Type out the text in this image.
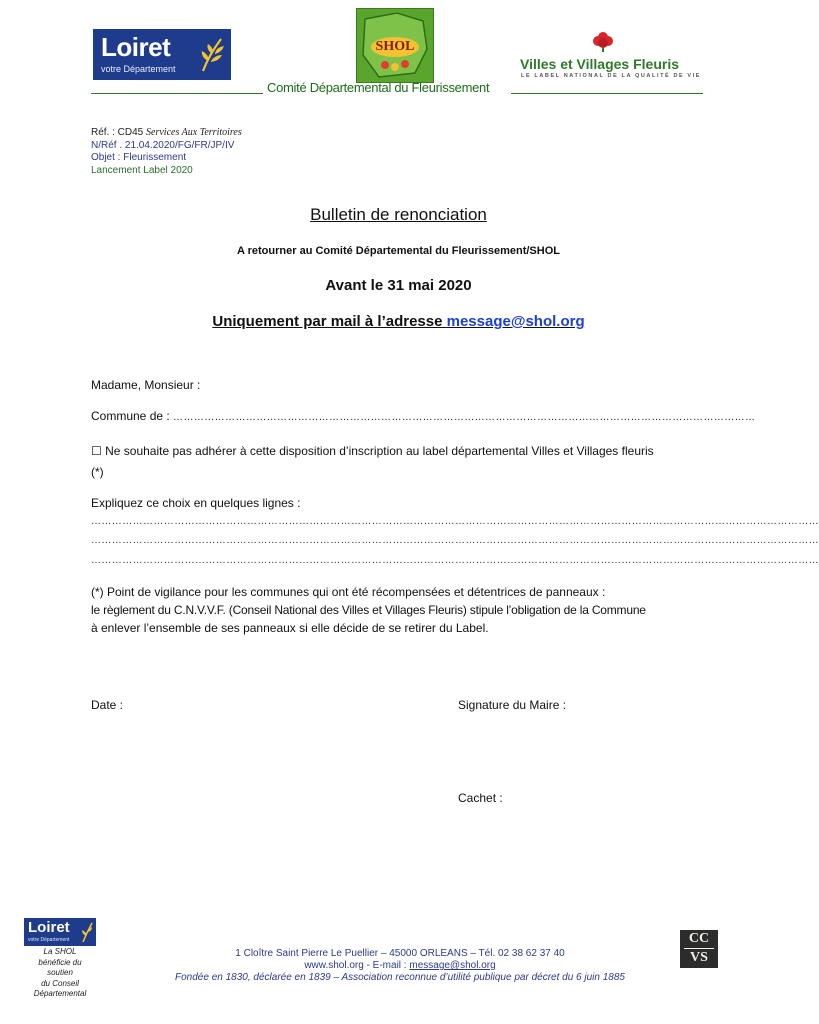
Loiret
votre Département
SHOL
Villes et Villages Fleuris
LE LABEL NATIONAL DE LA QUALITÉ DE VIE
Comité Départemental du Fleurissement
Réf. : CD45 Services Aux Territoires
N/Réf . 21.04.2020/FG/FR/JP/IV
Objet : Fleurissement
Lancement Label 2020
Bulletin de renonciation
A retourner au Comité Départemental du Fleurissement/SHOL
Avant le 31 mai 2020
Uniquement par mail à l’adresse message@shol.org
Madame, Monsieur :
Commune de : ……………………………………………………………………………………………………………………………………………………
☐ Ne souhaite pas adhérer à cette disposition d’inscription au label départemental Villes et Villages fleuris
(*)
Expliquez ce choix en quelques lignes :
…………………………………………………………………………………………………………………………………………………………………………………………
…………………………………………………………………………………………………………………………………………………………………………………………
…………………………………………………………………………………………………………………………………………………………………………………………
(*) Point de vigilance pour les communes qui ont été récompensées et détentrices de panneaux :
le règlement du C.N.V.V.F. (Conseil National des Villes et Villages Fleuris) stipule l’obligation de la Commune
à enlever l’ensemble de ses panneaux si elle décide de se retirer du Label.
Date :	Signature du Maire :
Cachet :
Loiret
votre Département
La SHOL
bénéficie du
soutien
du Conseil
Départemental
1 Cloître Saint Pierre Le Puellier – 45000 ORLEANS – Tél. 02 38 62 37 40
www.shol.org - E-mail : message@shol.org
Fondée en 1830, déclarée en 1839 – Association reconnue d’utilité publique par décret du 6 juin 1885
CC
VS
